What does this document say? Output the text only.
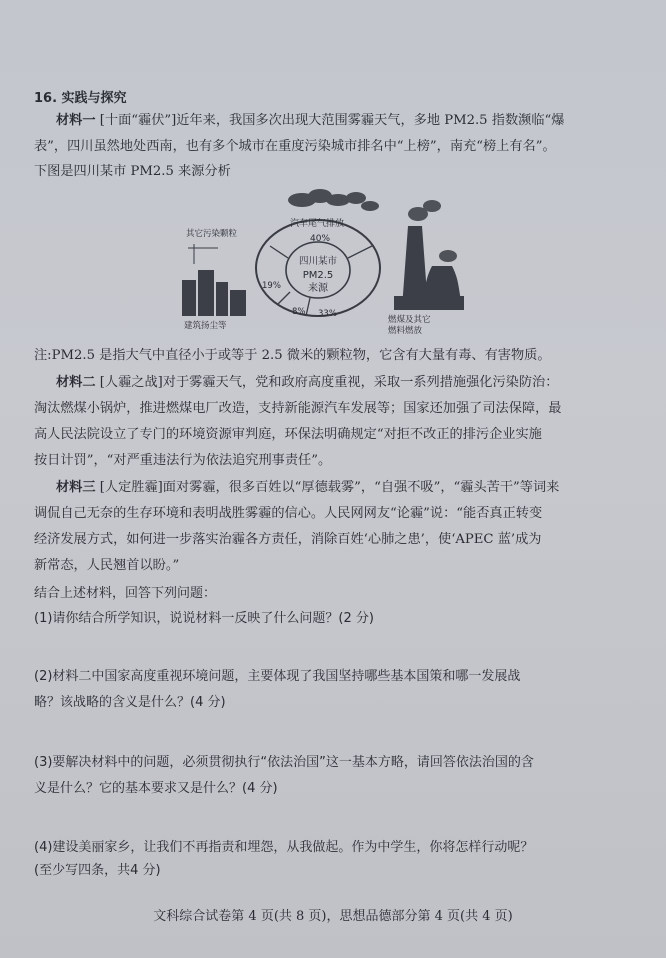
16. 实践与探究
材料一 [十面“霾伏”]近年来，我国多次出现大范围雾霾天气，多地 PM2.5 指数濒临“爆
表”，四川虽然地处西南，也有多个城市在重度污染城市排名中“上榜”，南充“榜上有名”。
下图是四川某市 PM2.5 来源分析
汽车尾气排放
40%
四川某市
PM2.5
来源
其它污染颗粒
19%
建筑扬尘等
8% 33%
燃煤及其它
燃料燃放
注:PM2.5 是指大气中直径小于或等于 2.5 微米的颗粒物，它含有大量有毒、有害物质。
材料二 [人霾之战]对于雾霾天气，党和政府高度重视，采取一系列措施强化污染防治：
淘汰燃煤小锅炉，推进燃煤电厂改造，支持新能源汽车发展等；国家还加强了司法保障，最
高人民法院设立了专门的环境资源审判庭，环保法明确规定“对拒不改正的排污企业实施
按日计罚”，“对严重违法行为依法追究刑事责任”。
材料三 [人定胜霾]面对雾霾，很多百姓以“厚德载雾”，“自强不吸”，“霾头苦干”等词来
调侃自己无奈的生存环境和表明战胜雾霾的信心。人民网网友“论霾”说：“能否真正转变
经济发展方式，如何进一步落实治霾各方责任，消除百姓‘心肺之患’，使‘APEC 蓝’成为
新常态，人民翘首以盼。”
结合上述材料，回答下列问题：
(1)请你结合所学知识，说说材料一反映了什么问题？(2 分)
(2)材料二中国家高度重视环境问题，主要体现了我国坚持哪些基本国策和哪一发展战
略？该战略的含义是什么？(4 分)
(3)要解决材料中的问题，必须贯彻执行“依法治国”这一基本方略，请回答依法治国的含
义是什么？它的基本要求又是什么？(4 分)
(4)建设美丽家乡，让我们不再指责和埋怨，从我做起。作为中学生，你将怎样行动呢？
(至少写四条，共4 分)
文科综合试卷第 4 页(共 8 页)，思想品德部分第 4 页(共 4 页)
